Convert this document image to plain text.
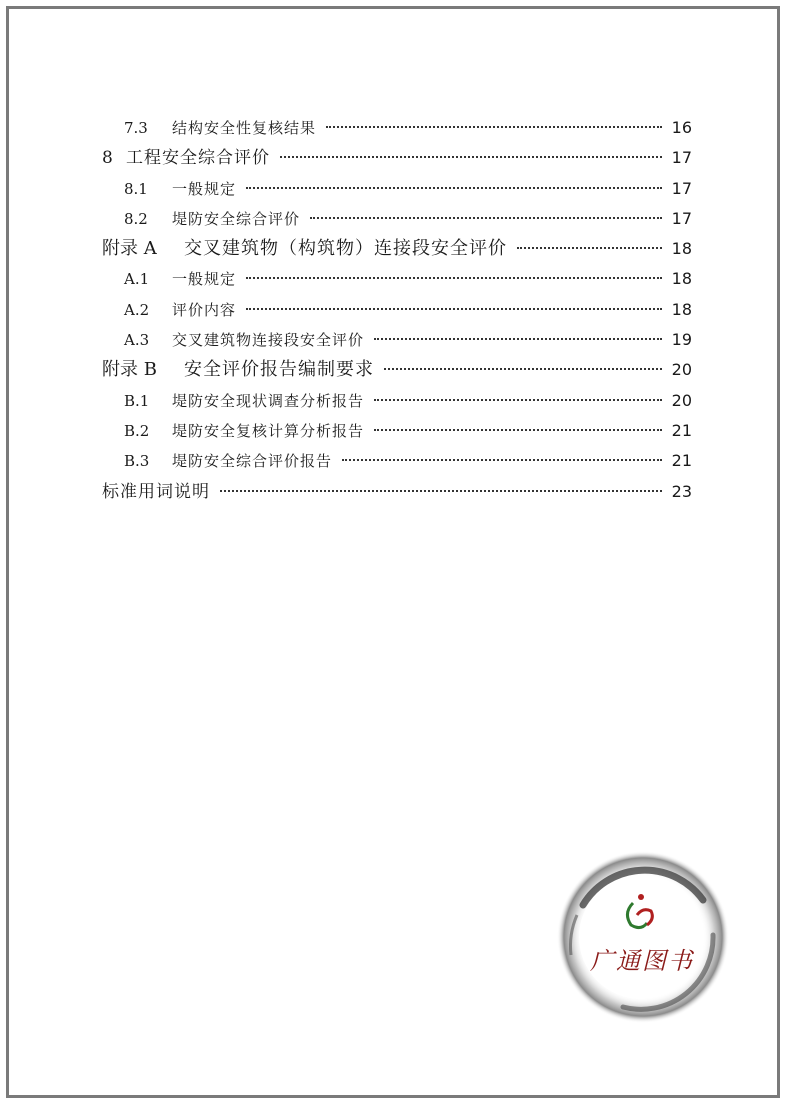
7.3	结构安全性复核结果	16
8 工程安全综合评价	17
8.1	一般规定	17
8.2	堤防安全综合评价	17
附录 A	交叉建筑物（构筑物）连接段安全评价	18
A.1	一般规定	18
A.2	评价内容	18
A.3	交叉建筑物连接段安全评价	19
附录 B	安全评价报告编制要求	20
B.1	堤防安全现状调查分析报告	20
B.2	堤防安全复核计算分析报告	21
B.3	堤防安全综合评价报告	21
标准用词说明	23
广通图书
